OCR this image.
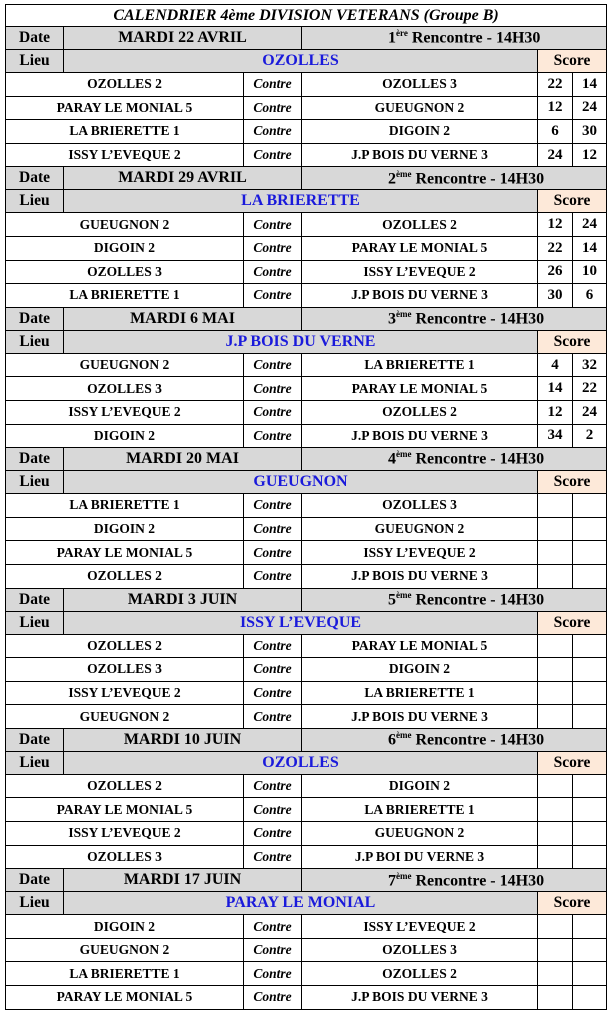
CALENDRIER 4ème DIVISION VETERANS (Groupe B)					
Date	MARDI 22 AVRIL		1ère Rencontre - 14H30		
Lieu	OZOLLES			Score	
OZOLLES 2		Contre	OZOLLES 3	22	14
PARAY LE MONIAL 5		Contre	GUEUGNON 2	12	24
LA BRIERETTE 1		Contre	DIGOIN 2	6	30
ISSY L’EVEQUE 2		Contre	J.P BOIS DU VERNE 3	24	12
Date	MARDI 29 AVRIL		2ème Rencontre - 14H30		
Lieu	LA BRIERETTE			Score	
GUEUGNON 2		Contre	OZOLLES 2	12	24
DIGOIN 2		Contre	PARAY LE MONIAL 5	22	14
OZOLLES 3		Contre	ISSY L’EVEQUE 2	26	10
LA BRIERETTE 1		Contre	J.P BOIS DU VERNE 3	30	6
Date	MARDI 6 MAI		3ème Rencontre - 14H30		
Lieu	J.P BOIS DU VERNE			Score	
GUEUGNON 2		Contre	LA BRIERETTE 1	4	32
OZOLLES 3		Contre	PARAY LE MONIAL 5	14	22
ISSY L’EVEQUE 2		Contre	OZOLLES 2	12	24
DIGOIN 2		Contre	J.P BOIS DU VERNE 3	34	2
Date	MARDI 20 MAI		4ème Rencontre - 14H30		
Lieu	GUEUGNON			Score	
LA BRIERETTE 1		Contre	OZOLLES 3		
DIGOIN 2		Contre	GUEUGNON 2		
PARAY LE MONIAL 5		Contre	ISSY L’EVEQUE 2		
OZOLLES 2		Contre	J.P BOIS DU VERNE 3		
Date	MARDI 3 JUIN		5ème Rencontre - 14H30		
Lieu	ISSY L’EVEQUE			Score	
OZOLLES 2		Contre	PARAY LE MONIAL 5		
OZOLLES 3		Contre	DIGOIN 2		
ISSY L’EVEQUE 2		Contre	LA BRIERETTE 1		
GUEUGNON 2		Contre	J.P BOIS DU VERNE 3		
Date	MARDI 10 JUIN		6ème Rencontre - 14H30		
Lieu	OZOLLES			Score	
OZOLLES 2		Contre	DIGOIN 2		
PARAY LE MONIAL 5		Contre	LA BRIERETTE 1		
ISSY L’EVEQUE 2		Contre	GUEUGNON 2		
OZOLLES 3		Contre	J.P BOI DU VERNE 3		
Date	MARDI 17 JUIN		7ème Rencontre - 14H30		
Lieu	PARAY LE MONIAL			Score	
DIGOIN 2		Contre	ISSY L’EVEQUE 2		
GUEUGNON 2		Contre	OZOLLES 3		
LA BRIERETTE 1		Contre	OZOLLES 2		
PARAY LE MONIAL 5		Contre	J.P BOIS DU VERNE 3		
